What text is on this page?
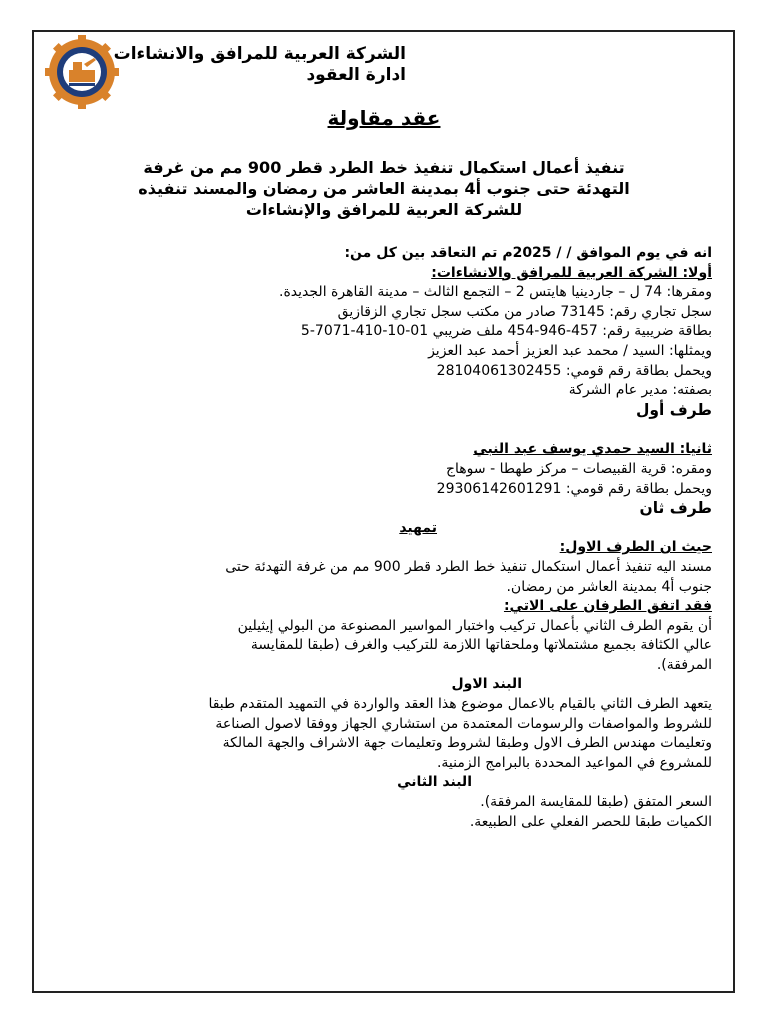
الشركة العربية للمرافق والانشاءات
ادارة العقود
عقد مقاولة
تنفيذ أعمال استكمال تنفيذ خط الطرد قطر 900 مم من غرفة
التهدئة حتى جنوب أ4 بمدينة العاشر من رمضان والمسند تنفيذه
للشركة العربية للمرافق والإنشاءات

انه في يوم الموافق / / 2025م تم التعاقد بين كل من:

أولا: الشركة العربية للمرافق والانشاءات:

ومقرها: 74 ل – جاردينيا هايتس 2 – التجمع الثالث – مدينة القاهرة الجديدة.

سجل تجاري رقم: 73145 صادر من مكتب سجل تجاري الزقازيق

بطاقة ضريبية رقم: 457-946-454 ملف ضريبي 01-10-410-7071-5

ويمثلها: السيد / محمد عبد العزيز أحمد عبد العزيز

ويحمل بطاقة رقم قومي: 28104061302455

بصفته: مدير عام الشركة

طرف أول

ثانيا: السيد حمدي يوسف عبد النبي

ومقره: قرية القبيصات – مركز طهطا - سوهاج

ويحمل بطاقة رقم قومي: 29306142601291

طرف ثان

تمهيد

حيث ان الطرف الاول:

مسند اليه تنفيذ أعمال استكمال تنفيذ خط الطرد قطر 900 مم من غرفة التهدئة حتى

جنوب أ4 بمدينة العاشر من رمضان.

فقد اتفق الطرفان على الاتي:

أن يقوم الطرف الثاني بأعمال تركيب واختبار المواسير المصنوعة من البولي إيثيلين

عالي الكثافة بجميع مشتملاتها وملحقاتها اللازمة للتركيب والغرف (طبقا للمقايسة

المرفقة).

البند الاول

يتعهد الطرف الثاني بالقيام بالاعمال موضوع هذا العقد والواردة في التمهيد المتقدم طبقا

للشروط والمواصفات والرسومات المعتمدة من استشاري الجهاز ووفقا لاصول الصناعة

وتعليمات مهندس الطرف الاول وطبقا لشروط وتعليمات جهة الاشراف والجهة المالكة

للمشروع في المواعيد المحددة بالبرامج الزمنية.

البند الثاني

السعر المتفق (طبقا للمقايسة المرفقة).

الكميات طبقا للحصر الفعلي على الطبيعة.
